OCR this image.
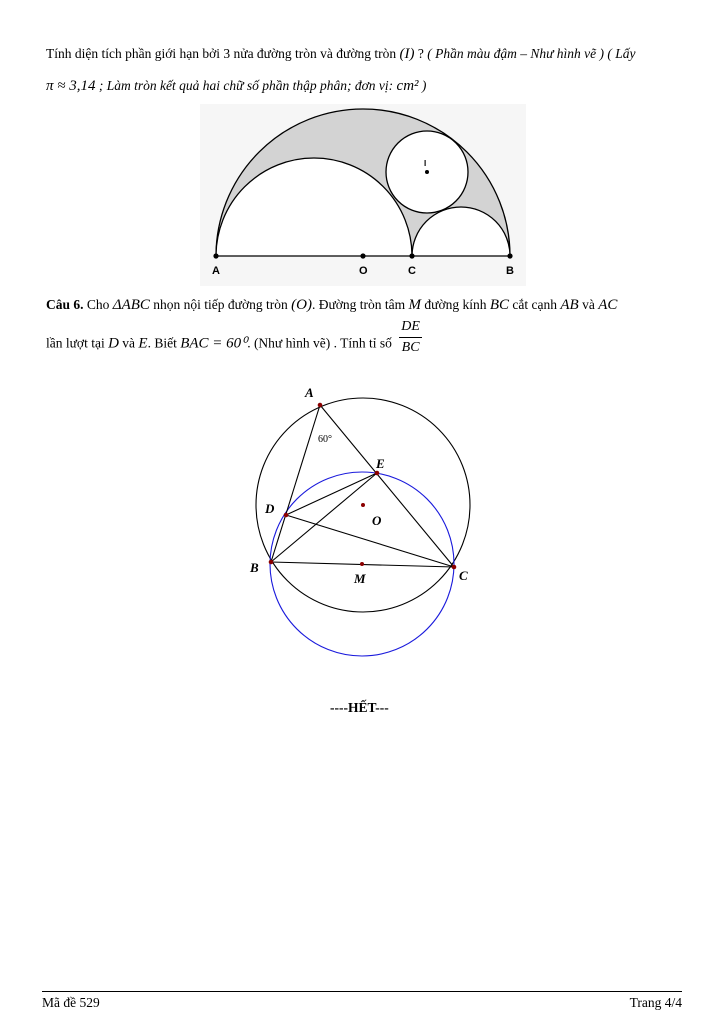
Tính diện tích phần giới hạn bởi 3 nửa đường tròn và đường tròn (I) ? ( Phần màu đậm – Như hình vẽ ) ( Lấy
π ≈ 3,14 ; Làm tròn kết quả hai chữ số phần thập phân; đơn vị: cm² )
A	O	C	B
I
Câu 6. Cho ΔABC nhọn nội tiếp đường tròn (O). Đường tròn tâm M đường kính BC cắt cạnh AB và AC
lần lượt tại D và E. Biết BAC = 60⁰. (Như hình vẽ) . Tính tỉ số $\frac{DE}{BC}$
A
B
C
D
E
O
M
60°
----HẾT---
Mã đề 529	Trang 4/4
